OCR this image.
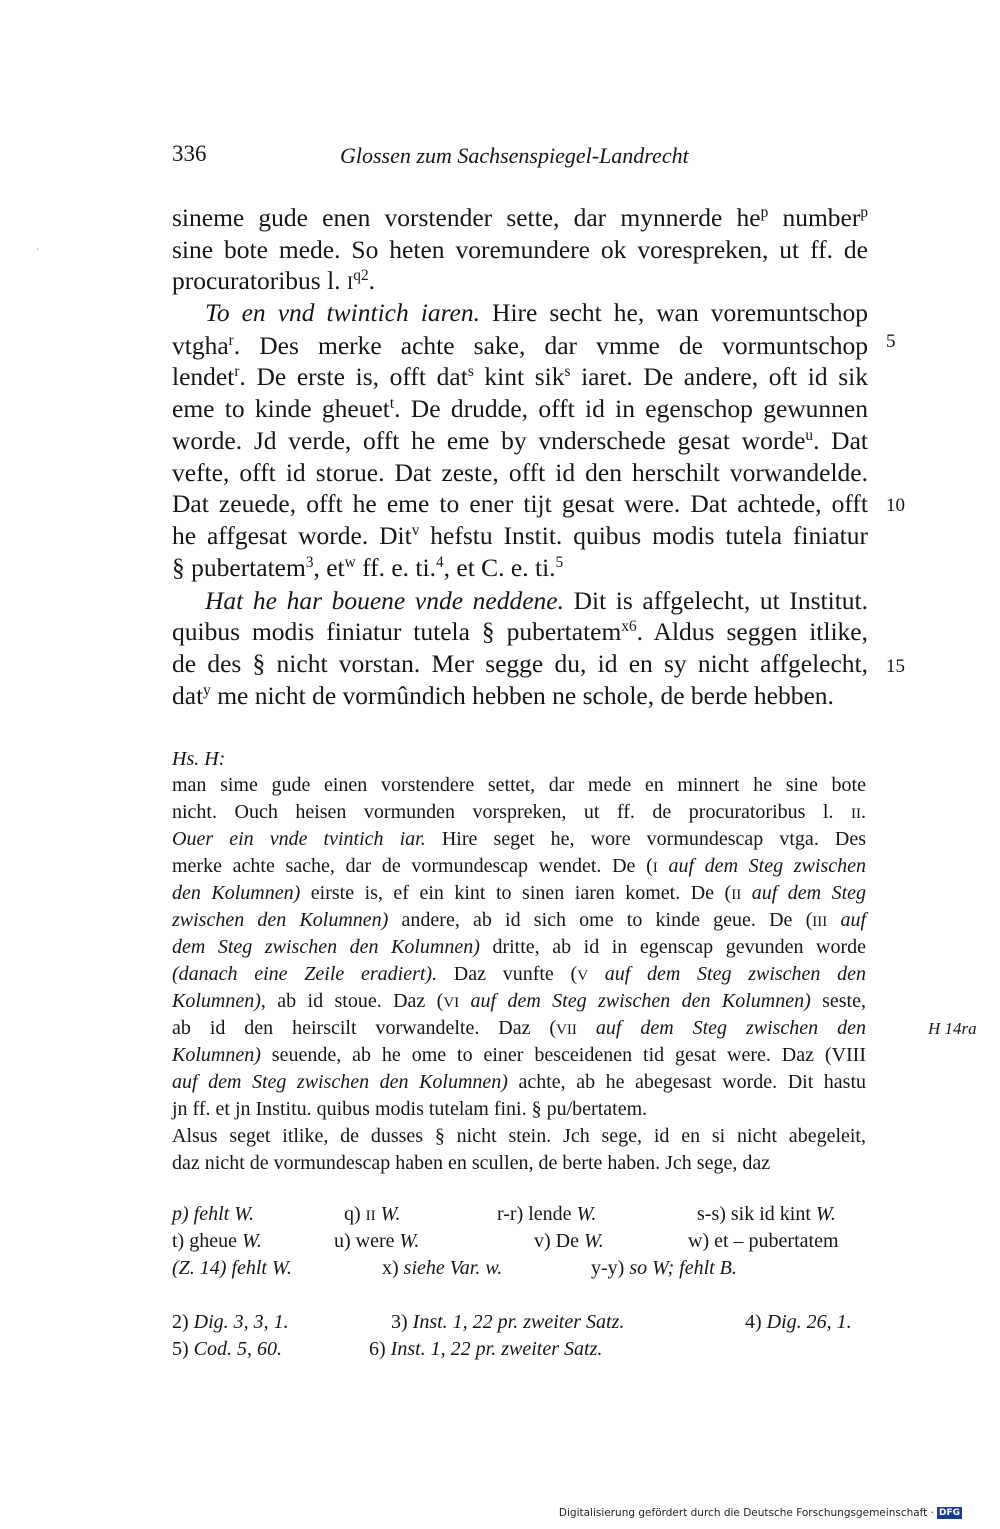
336	Glossen zum Sachsenspiegel-Landrecht
`
sineme gude enen vorstender sette, dar mynnerde $he^p$ number$^p$
sine bote mede. So heten voremundere ok vorespreken, ut ff. de
procuratoribus l. $I^{q2}$.
To en vnd twintich iaren. Hire secht he, wan voremuntschop
vtgha$^r$. Des merke achte sake, dar vmme de vormuntschop
lendet$^r$. De erste is, offt dat$^s$ kint sik$^s$ iaret. De andere, oft id sik
eme to kinde gheuet$^t$. De drudde, offt id in egenschop gewunnen
worde. Jd verde, offt he eme by vnderschede gesat worde$^u$. Dat
vefte, offt id storue. Dat zeste, offt id den herschilt vorwandelde.
Dat zeuede, offt he eme to ener tijt gesat were. Dat achtede, offt
he affgesat worde. Dit$^v$ hefstu Instit. quibus modis tutela finiatur
§ pubertatem$^3$, $et^w$ ff. e. ti.$^4$, et C. e. ti.$^5$
Hat he har bouene vnde neddene. Dit is affgelecht, ut Institut.
quibus modis finiatur tutela § pubertatem$^{x6}$. Aldus seggen itlike,
de des § nicht vorstan. Mer segge du, id en sy nicht affgelecht,
dat$^y$ me nicht de vormûndich hebben ne schole, de berde hebben.
5
10
15
Hs. H:
man sime gude einen vorstendere settet, dar mede en minnert he sine bote
nicht. Ouch heisen vormunden vorspreken, ut ff. de procuratoribus l. II.
Ouer ein vnde tvintich iar. Hire seget he, wore vormundescap vtga. Des
merke achte sache, dar de vormundescap wendet. De (I auf dem Steg zwischen
den Kolumnen) eirste is, ef ein kint to sinen iaren komet. De (II auf dem Steg
zwischen den Kolumnen) andere, ab id sich ome to kinde geue. De (III auf
dem Steg zwischen den Kolumnen) dritte, ab id in egenscap gevunden worde
(danach eine Zeile eradiert). Daz vunfte (V auf dem Steg zwischen den
Kolumnen), ab id stoue. Daz (VI auf dem Steg zwischen den Kolumnen) seste,
ab id den heirscilt vorwandelte. Daz (VII auf dem Steg zwischen den
Kolumnen) seuende, ab he ome to einer besceidenen tid gesat were. Daz (VIII
auf dem Steg zwischen den Kolumnen) achte, ab he abegesast worde. Dit hastu
jn ff. et jn Institu. quibus modis tutelam fini. § pu/bertatem.
Alsus seget itlike, de dusses § nicht stein. Jch sege, id en si nicht abegeleit,
daz nicht de vormundescap haben en scullen, de berte haben. Jch sege, daz
H 14ra
p) fehlt W.	q) II W.	r-r) lende W.	s-s) sik id kint W.
t) gheue W.	u) were W.	v) De W.	w) et – pubertatem
(Z. 14) fehlt W.	x) siehe Var. w.	y-y) so W; fehlt B.
2) Dig. 3, 3, 1.	3) Inst. 1, 22 pr. zweiter Satz.	4) Dig. 26, 1.
5) Cod. 5, 60.	6) Inst. 1, 22 pr. zweiter Satz.
Digitalisierung gefördert durch die Deutsche Forschungsgemeinschaft · DFG
